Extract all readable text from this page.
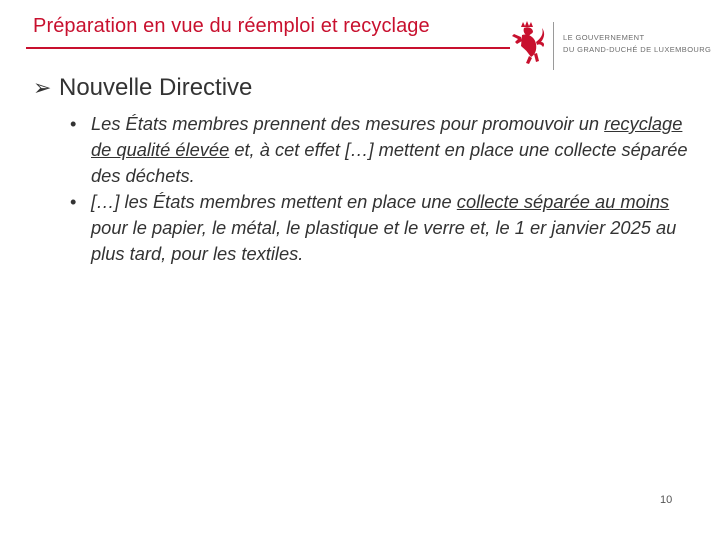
Préparation en vue du réemploi et recyclage
LE GOUVERNEMENT
DU GRAND-DUCHÉ DE LUXEMBOURG
➢ Nouvelle Directive
• Les États membres prennent des mesures pour promouvoir un recyclage de qualité élevée et, à cet effet […] mettent en place une collecte séparée des déchets.
• […] les États membres mettent en place une collecte séparée au moins pour le papier, le métal, le plastique et le verre et, le 1 er janvier 2025 au plus tard, pour les textiles.
10
